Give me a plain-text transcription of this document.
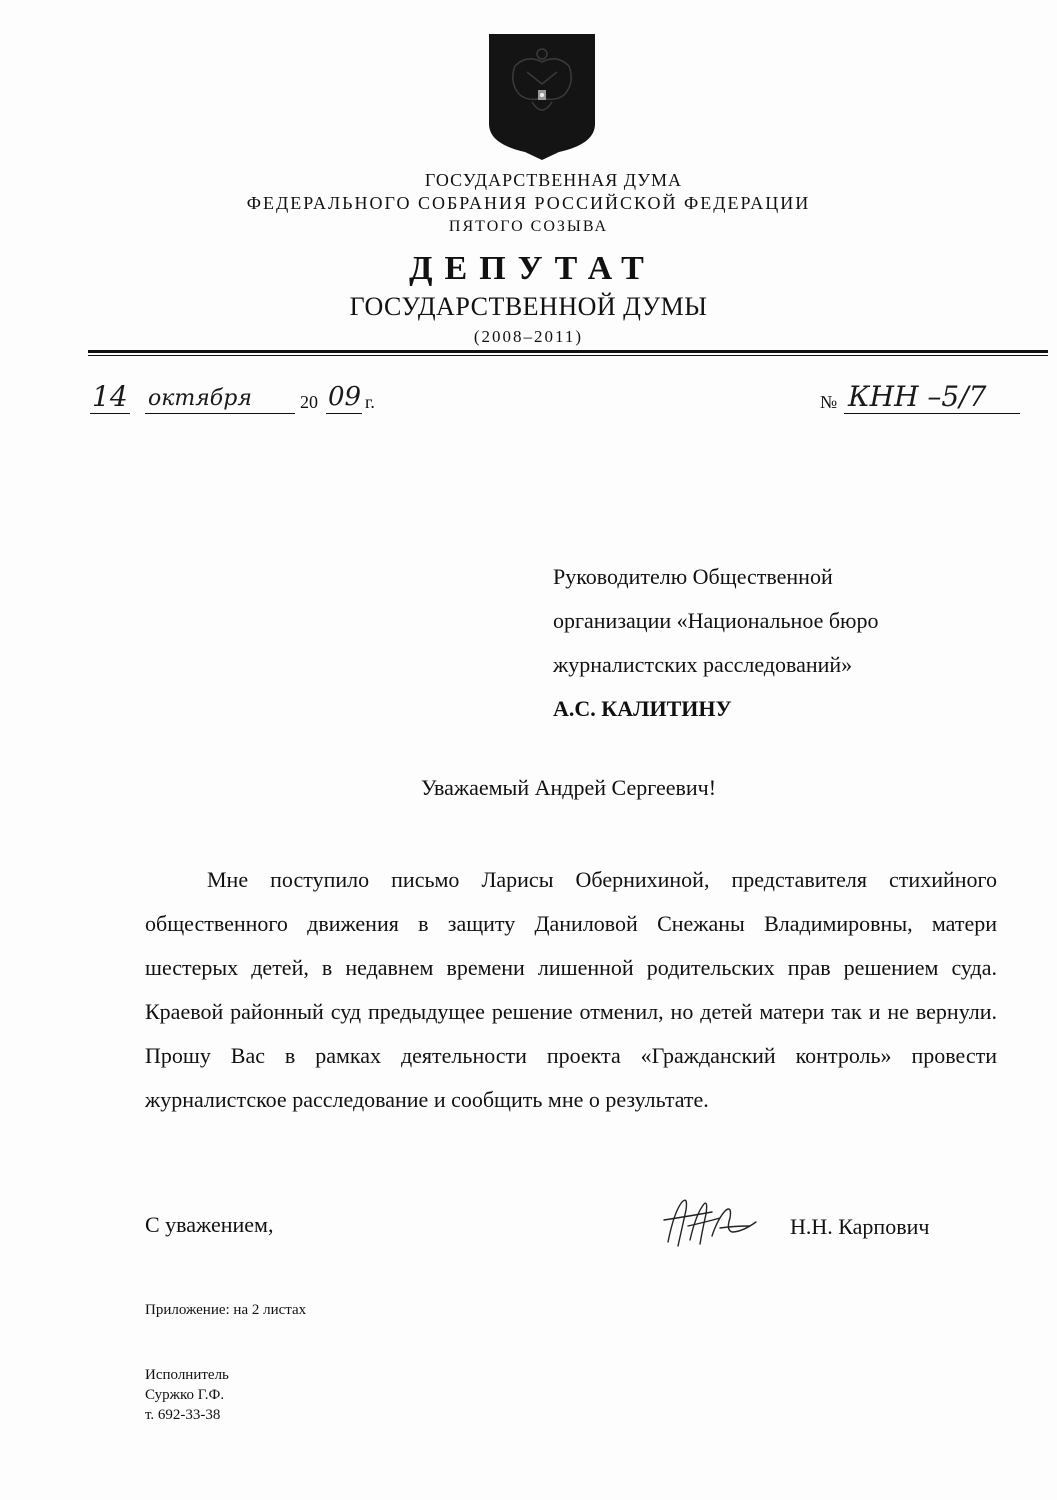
ГОСУДАРСТВЕННАЯ ДУМА
ФЕДЕРАЛЬНОГО СОБРАНИЯ РОССИЙСКОЙ ФЕДЕРАЦИИ
ПЯТОГО СОЗЫВА
ДЕПУТАТ
ГОСУДАРСТВЕННОЙ ДУМЫ
(2008–2011)
14 октября	20 09 г.	№ КНН –5/7
Руководителю Общественной
организации «Национальное бюро
журналистских расследований»
А.С. КАЛИТИНУ
Уважаемый Андрей Сергеевич!
Мне поступило письмо Ларисы Обернихиной, представителя стихийного общественного движения в защиту Даниловой Снежаны Владимировны, матери шестерых детей, в недавнем времени лишенной родительских прав решением суда. Краевой районный суд предыдущее решение отменил, но детей матери так и не вернули. Прошу Вас в рамках деятельности проекта «Гражданский контроль» провести журналистское расследование и сообщить мне о результате.
С уважением,	Н.Н. Карпович
Приложение: на 2 листах
Исполнитель
Суржко Г.Ф.
т. 692-33-38
